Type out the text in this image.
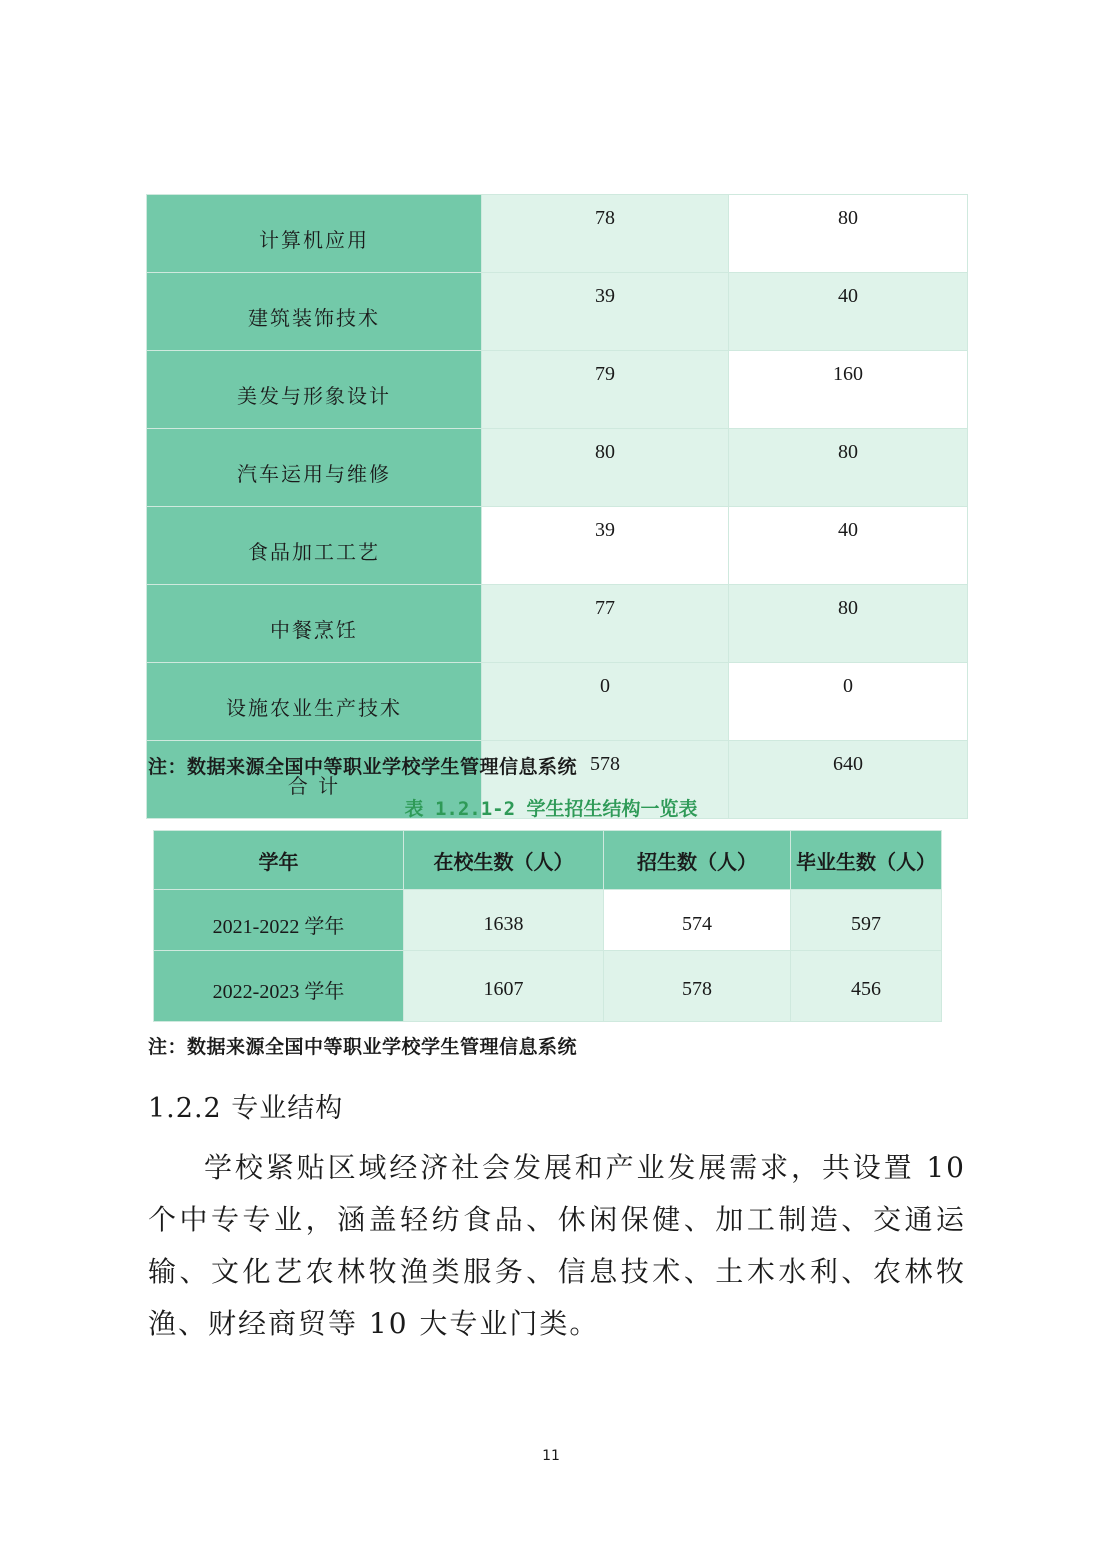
计算机应用	78	80
建筑装饰技术	39	40
美发与形象设计	79	160
汽车运用与维修	80	80
食品加工工艺	39	40
中餐烹饪	77	80
设施农业生产技术	0	0
合 计	578	640
注：数据来源全国中等职业学校学生管理信息系统
表 1.2.1-2 学生招生结构一览表
学年	在校生数（人）	招生数（人）	毕业生数（人）
2021-2022 学年	1638	574	597
2022-2023 学年	1607	578	456
注：数据来源全国中等职业学校学生管理信息系统
1.2.2 专业结构

学校紧贴区域经济社会发展和产业发展需求，共设置 10 个中专专业，涵盖轻纺食品、休闲保健、加工制造、交通运输、文化艺农林牧渔类服务、信息技术、土木水利、农林牧渔、财经商贸等 10 大专业门类。

11
